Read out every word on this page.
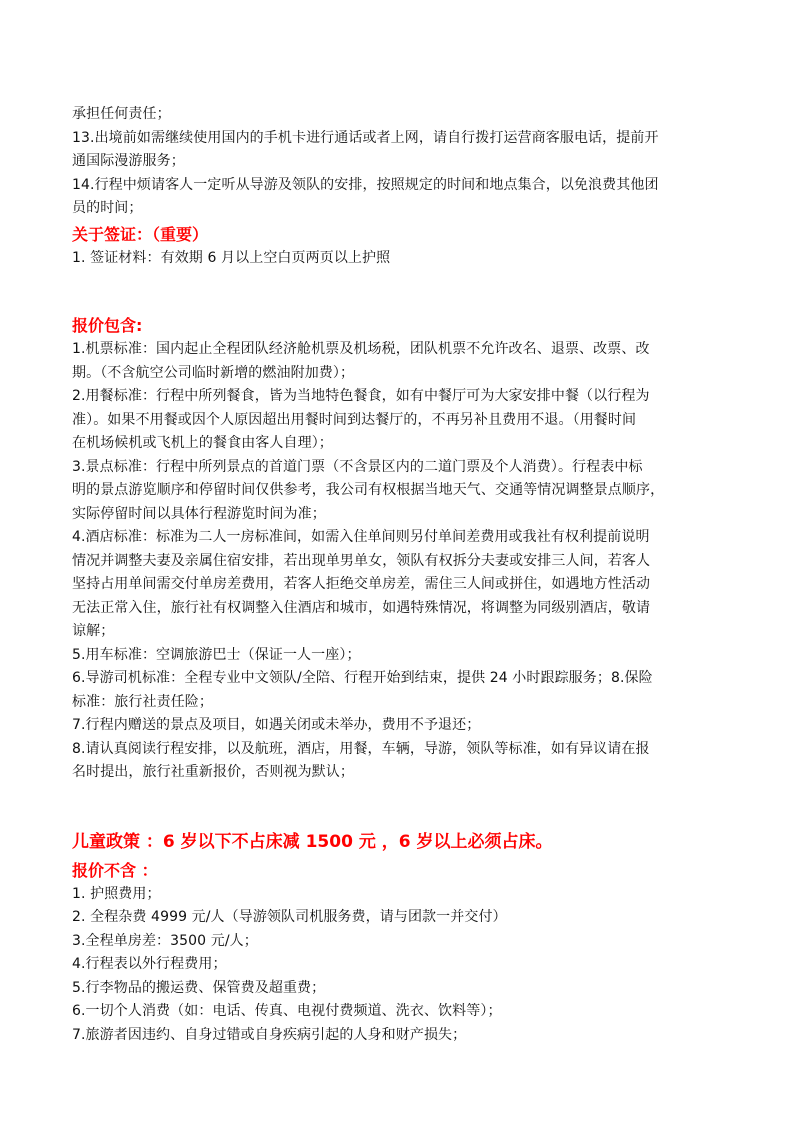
承担任何责任；
13.出境前如需继续使用国内的手机卡进行通话或者上网，请自行拨打运营商客服电话，提前开
通国际漫游服务；
14.行程中烦请客人一定听从导游及领队的安排，按照规定的时间和地点集合，以免浪费其他团
员的时间；
关于签证：（重要）
1. 签证材料：有效期 6 月以上空白页两页以上护照
报价包含:
1.机票标准：国内起止全程团队经济舱机票及机场税，团队机票不允许改名、退票、改票、改
期。（不含航空公司临时新增的燃油附加费）；
2.用餐标准：行程中所列餐食，皆为当地特色餐食，如有中餐厅可为大家安排中餐（以行程为
准）。如果不用餐或因个人原因超出用餐时间到达餐厅的，不再另补且费用不退。（用餐时间
在机场候机或飞机上的餐食由客人自理）；
3.景点标准：行程中所列景点的首道门票（不含景区内的二道门票及个人消费）。行程表中标
明的景点游览顺序和停留时间仅供参考，我公司有权根据当地天气、交通等情况调整景点顺序，
实际停留时间以具体行程游览时间为准；
4.酒店标准：标准为二人一房标准间，如需入住单间则另付单间差费用或我社有权利提前说明
情况并调整夫妻及亲属住宿安排，若出现单男单女，领队有权拆分夫妻或安排三人间，若客人
坚持占用单间需交付单房差费用，若客人拒绝交单房差，需住三人间或拼住，如遇地方性活动
无法正常入住，旅行社有权调整入住酒店和城市，如遇特殊情况，将调整为同级别酒店，敬请
谅解；
5.用车标准：空调旅游巴士（保证一人一座）；
6.导游司机标准：全程专业中文领队/全陪、行程开始到结束，提供 24 小时跟踪服务；8.保险
标准：旅行社责任险；
7.行程内赠送的景点及项目，如遇关闭或未举办，费用不予退还；
8.请认真阅读行程安排，以及航班，酒店，用餐，车辆，导游，领队等标准，如有异议请在报
名时提出，旅行社重新报价，否则视为默认；
儿童政策 ：6 岁以下不占床减 1500 元 ，6 岁以上必须占床。
报价不含 ：
1. 护照费用；
2. 全程杂费 4999 元/人（导游领队司机服务费，请与团款一并交付）
3.全程单房差：3500 元/人；
4.行程表以外行程费用；
5.行李物品的搬运费、保管费及超重费；
6.一切个人消费（如：电话、传真、电视付费频道、洗衣、饮料等）；
7.旅游者因违约、自身过错或自身疾病引起的人身和财产损失；
